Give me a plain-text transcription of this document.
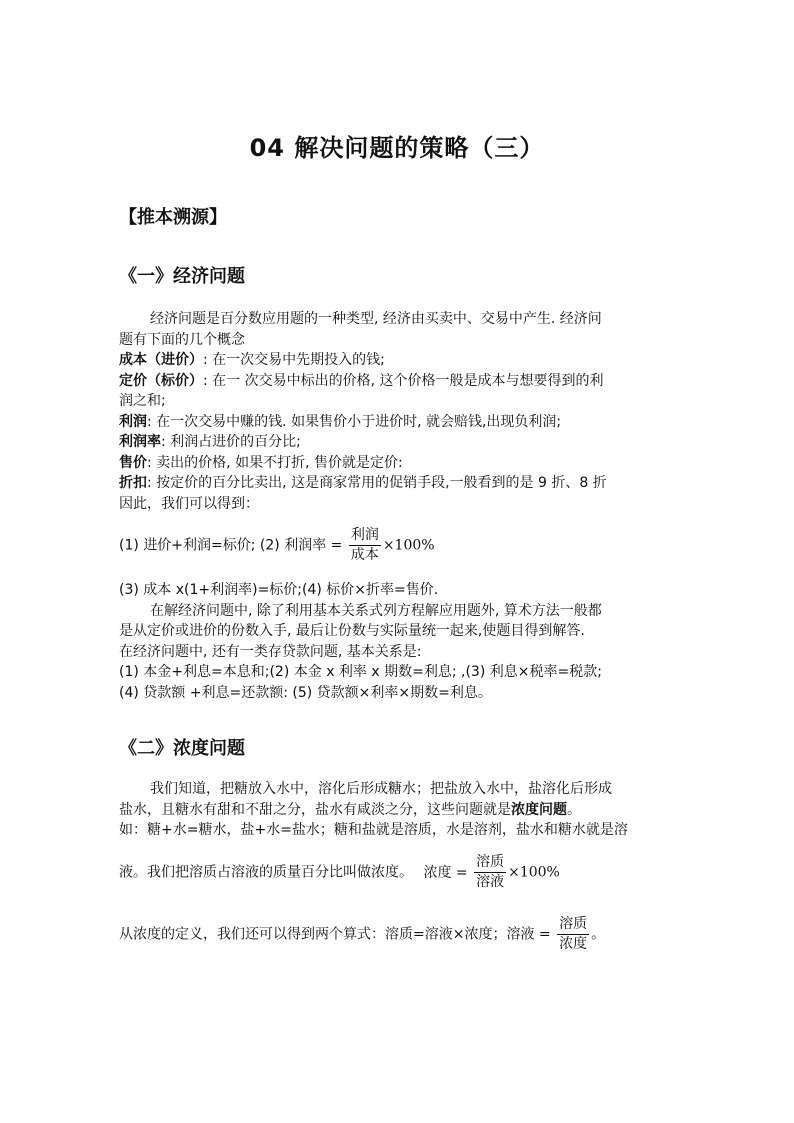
04 解决问题的策略（三）
【推本溯源】
《一》经济问题

经济问题是百分数应用题的一种类型, 经济由买卖中、交易中产生. 经济问

题有下面的几个概念

成本（进价）: 在一次交易中先期投入的钱;

定价（标价）: 在一 次交易中标出的价格, 这个价格一般是成本与想要得到的利

润之和;

利润: 在一次交易中赚的钱. 如果售价小于进价时, 就会赔钱,出现负利润;

利润率: 利润占进价的百分比;

售价: 卖出的价格, 如果不打折, 售价就是定价:

折扣: 按定价的百分比卖出, 这是商家常用的促销手段,一般看到的是 9 折、8 折

因此，我们可以得到：

(1) 进价+利润=标价; (2) 利润率 = $\frac{\text{利润}}{\text{成本}} \times 100\%$

(3) 成本 x(1+利润率)=标价;(4) 标价×折率=售价.

在解经济问题中, 除了利用基本关系式列方程解应用题外, 算术方法一般都

是从定价或进价的份数入手, 最后让份数与实际量统一起来,使题目得到解答.

在经济问题中, 还有一类存贷款问题, 基本关系是:

(1) 本金+利息=本息和;(2) 本金 x 利率 x 期数=利息; ,(3) 利息×税率=税款;

(4) 贷款额 +利息=还款额: (5) 贷款额×利率×期数=利息。

《二》浓度问题

我们知道，把糖放入水中，溶化后形成糖水；把盐放入水中，盐溶化后形成

盐水，且糖水有甜和不甜之分，盐水有咸淡之分，这些问题就是浓度问题。

如：糖+水=糖水，盐+水=盐水；糖和盐就是溶质，水是溶剂，盐水和糖水就是溶

液。我们把溶质占溶液的质量百分比叫做浓度。 浓度 = $\frac{\text{溶质}}{\text{溶液}} \times 100\%$
从浓度的定义，我们还可以得到两个算式：溶质=溶液×浓度；溶液 = $\frac{\text{溶质}}{\text{浓度}}$ 。
